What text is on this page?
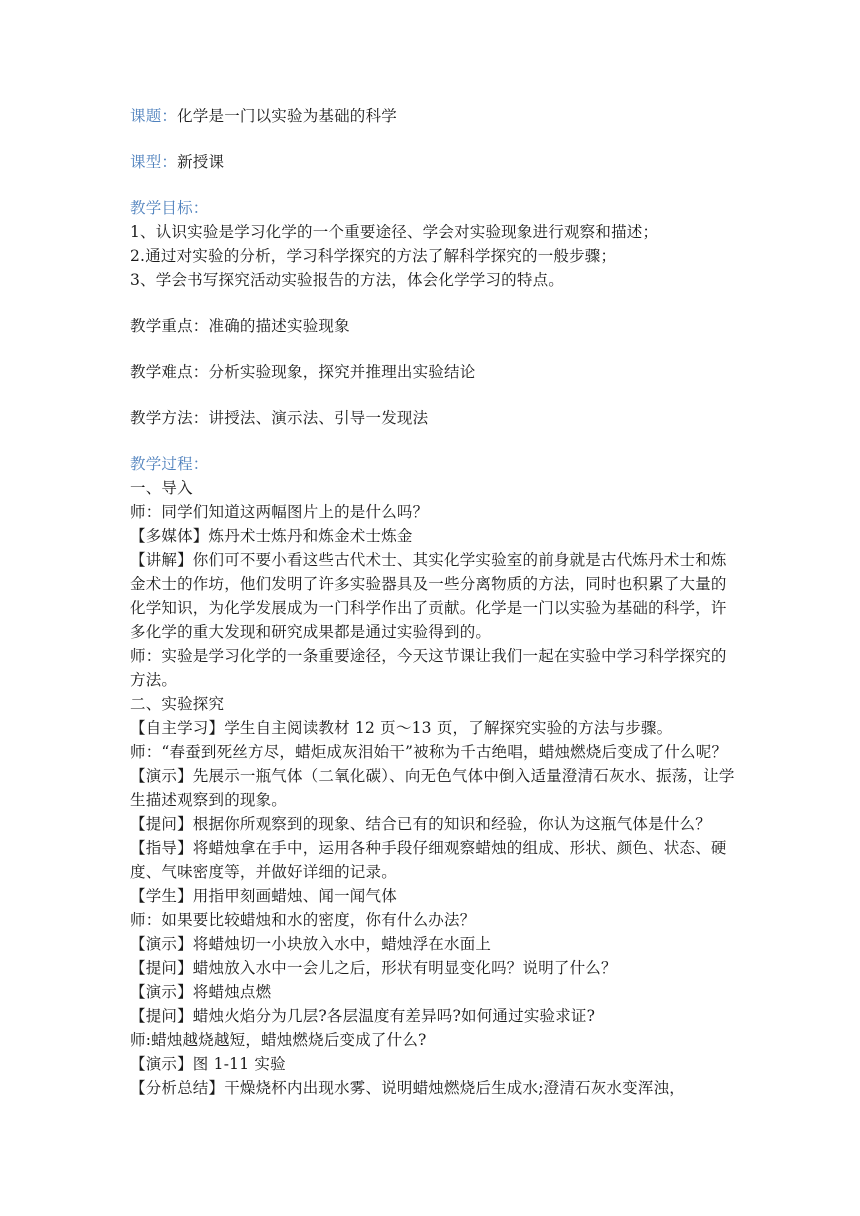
课题：化学是一门以实验为基础的科学
课型：新授课
教学目标：
1、认识实验是学习化学的一个重要途径、学会对实验现象进行观察和描述；
2.通过对实验的分析，学习科学探究的方法了解科学探究的一般步骤；
3、学会书写探究活动实验报告的方法，体会化学学习的特点。
教学重点：准确的描述实验现象
教学难点：分析实验现象，探究并推理出实验结论
教学方法：讲授法、演示法、引导一发现法
教学过程：
一、导入
师：同学们知道这两幅图片上的是什么吗？
【多媒体】炼丹术士炼丹和炼金术士炼金
【讲解】你们可不要小看这些古代术士、其实化学实验室的前身就是古代炼丹术士和炼金术士的作坊，他们发明了许多实验器具及一些分离物质的方法，同时也积累了大量的化学知识，为化学发展成为一门科学作出了贡献。化学是一门以实验为基础的科学，许多化学的重大发现和研究成果都是通过实验得到的。
师：实验是学习化学的一条重要途径，今天这节课让我们一起在实验中学习科学探究的方法。
二、实验探究
【自主学习】学生自主阅读教材 12 页～13 页，了解探究实验的方法与步骤。
师：“春蚕到死丝方尽，蜡炬成灰泪始干”被称为千古绝唱，蜡烛燃烧后变成了什么呢？
【演示】先展示一瓶气体（二氧化碳）、向无色气体中倒入适量澄清石灰水、振荡，让学生描述观察到的现象。
【提问】根据你所观察到的现象、结合已有的知识和经验，你认为这瓶气体是什么？
【指导】将蜡烛拿在手中，运用各种手段仔细观察蜡烛的组成、形状、颜色、状态、硬度、气味密度等，并做好详细的记录。
【学生】用指甲刻画蜡烛、闻一闻气体
师：如果要比较蜡烛和水的密度，你有什么办法？
【演示】将蜡烛切一小块放入水中，蜡烛浮在水面上
【提问】蜡烛放入水中一会儿之后，形状有明显变化吗？说明了什么？
【演示】将蜡烛点燃
【提问】蜡烛火焰分为几层?各层温度有差异吗?如何通过实验求证?
师:蜡烛越烧越短，蜡烛燃烧后变成了什么?
【演示】图 1-11 实验
【分析总结】干燥烧杯内出现水雾、说明蜡烛燃烧后生成水;澄清石灰水变浑浊，
